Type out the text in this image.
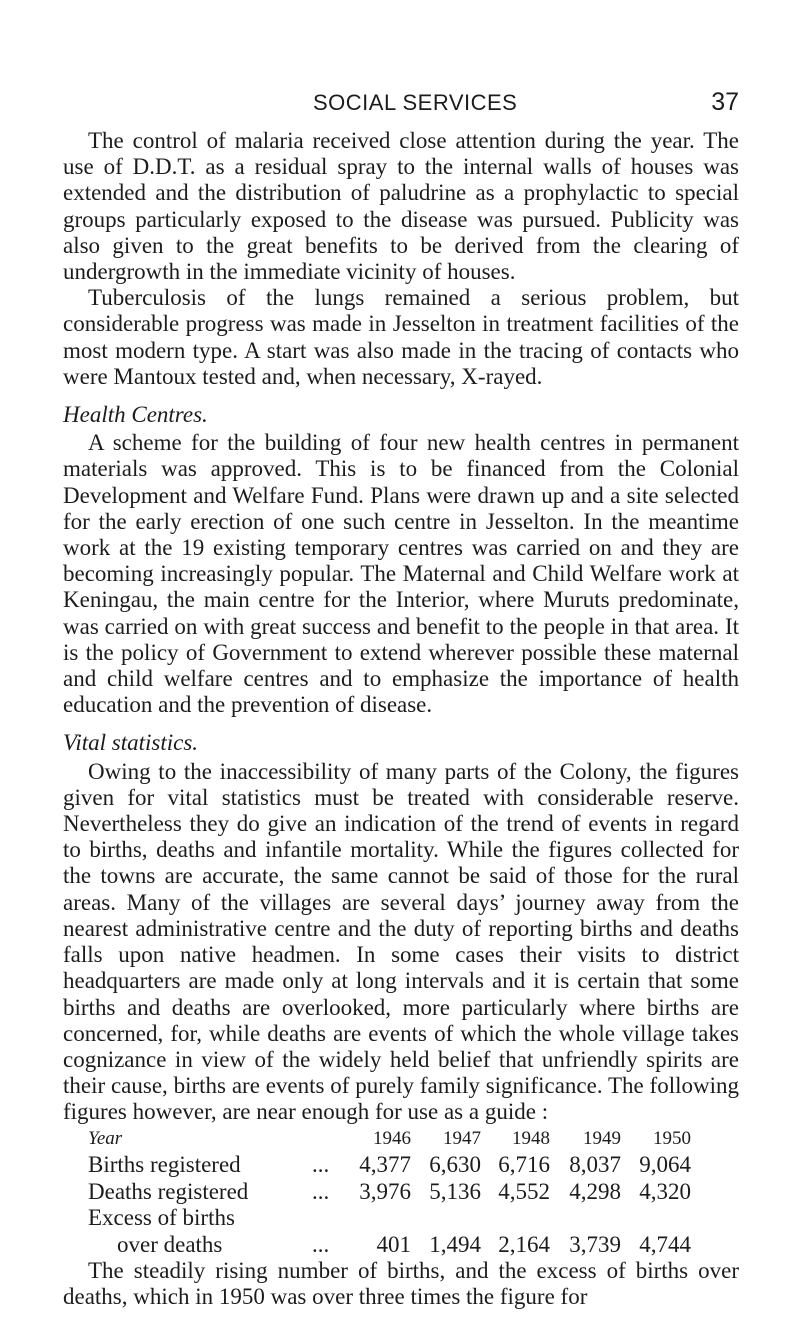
SOCIAL SERVICES	37

The control of malaria received close attention during the year. The use of D.D.T. as a residual spray to the internal walls of houses was extended and the distribution of paludrine as a prophylactic to special groups particularly exposed to the disease was pursued. Publicity was also given to the great benefits to be derived from the clearing of undergrowth in the immediate vicinity of houses.

Tuberculosis of the lungs remained a serious problem, but considerable progress was made in Jesselton in treatment facilities of the most modern type. A start was also made in the tracing of contacts who were Mantoux tested and, when necessary, X-rayed.

Health Centres.

A scheme for the building of four new health centres in permanent materials was approved. This is to be financed from the Colonial Development and Welfare Fund. Plans were drawn up and a site selected for the early erection of one such centre in Jesselton. In the meantime work at the 19 existing temporary centres was carried on and they are becoming increasingly popular. The Maternal and Child Welfare work at Keningau, the main centre for the Interior, where Muruts predominate, was carried on with great success and benefit to the people in that area. It is the policy of Government to extend wherever possible these maternal and child welfare centres and to emphasize the importance of health education and the prevention of disease.

Vital statistics.

Owing to the inaccessibility of many parts of the Colony, the figures given for vital statistics must be treated with considerable reserve. Nevertheless they do give an indication of the trend of events in regard to births, deaths and infantile mortality. While the figures collected for the towns are accurate, the same cannot be said of those for the rural areas. Many of the villages are several days’ journey away from the nearest administrative centre and the duty of reporting births and deaths falls upon native headmen. In some cases their visits to district headquarters are made only at long intervals and it is certain that some births and deaths are overlooked, more particularly where births are concerned, for, while deaths are events of which the whole village takes cognizance in view of the widely held belief that unfriendly spirits are their cause, births are events of purely family significance. The following figures however, are near enough for use as a guide :

Year	1946	1947	1948	1949	1950
Births registered	...	4,377 6,630 6,716 8,037 9,064
Deaths registered	...	3,976 5,136 4,552 4,298 4,320
Excess of births
over deaths	...	401 1,494 2,164 3,739 4,744

The steadily rising number of births, and the excess of births over deaths, which in 1950 was over three times the figure for
